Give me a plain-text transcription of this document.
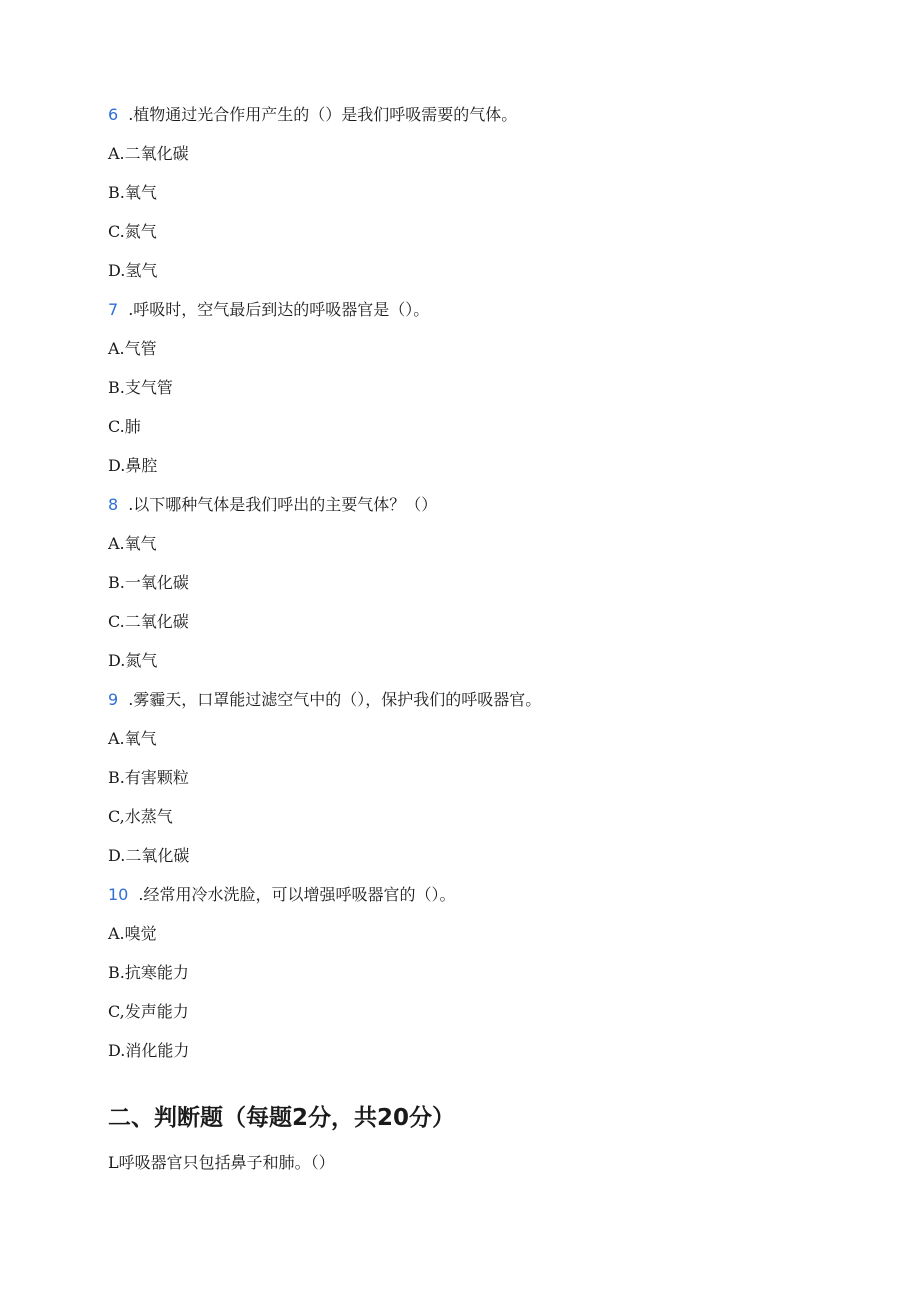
6 .植物通过光合作用产生的（）是我们呼吸需要的气体。
A.二氧化碳
B.氧气
C.氮气
D.氢气
7 .呼吸时，空气最后到达的呼吸器官是（）。
A.气管
B.支气管
C.肺
D.鼻腔
8 .以下哪种气体是我们呼出的主要气体？（）
A.氧气
B.一氧化碳
C.二氧化碳
D.氮气
9 .雾霾天，口罩能过滤空气中的（），保护我们的呼吸器官。
A.氧气
B.有害颗粒
C,水蒸气
D.二氧化碳
10 .经常用冷水洗脸，可以增强呼吸器官的（）。
A.嗅觉
B.抗寒能力
C,发声能力
D.消化能力
二、判断题（每题2分，共20分）
L呼吸器官只包括鼻子和肺。（）
